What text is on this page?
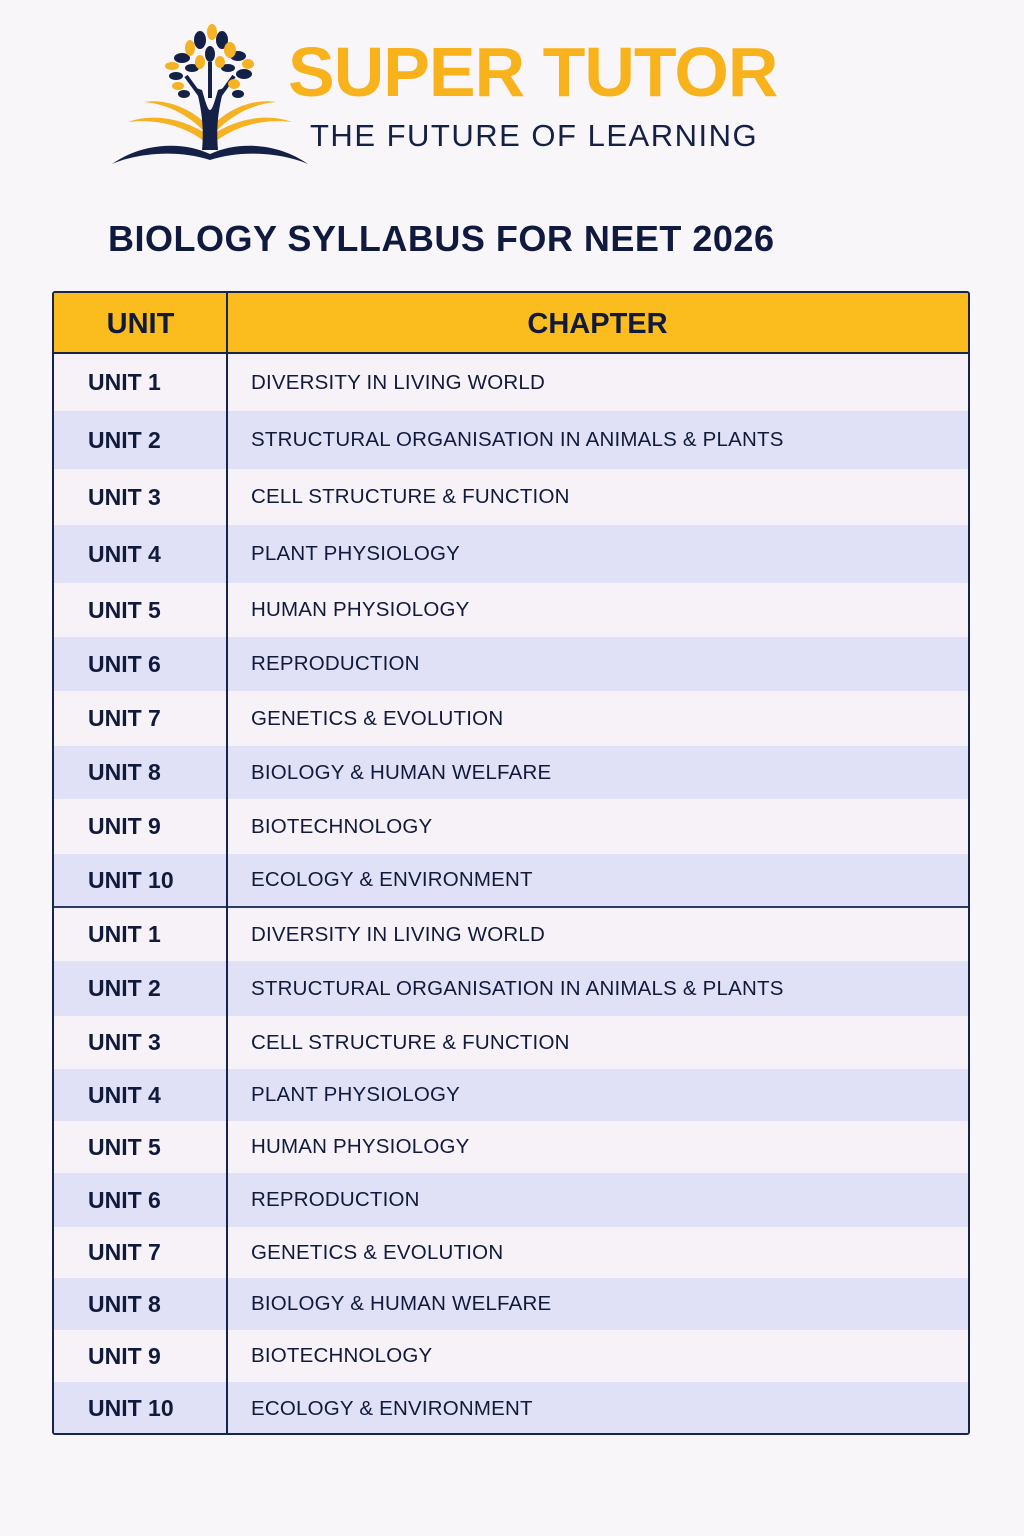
SUPER TUTOR
THE FUTURE OF LEARNING
BIOLOGY SYLLABUS FOR NEET 2026
UNIT	CHAPTER
UNIT 1	DIVERSITY IN LIVING WORLD
UNIT 2	STRUCTURAL ORGANISATION IN ANIMALS & PLANTS
UNIT 3	CELL STRUCTURE & FUNCTION
UNIT 4	PLANT PHYSIOLOGY
UNIT 5	HUMAN PHYSIOLOGY
UNIT 6	REPRODUCTION
UNIT 7	GENETICS & EVOLUTION
UNIT 8	BIOLOGY & HUMAN WELFARE
UNIT 9	BIOTECHNOLOGY
UNIT 10	ECOLOGY & ENVIRONMENT
UNIT 1	DIVERSITY IN LIVING WORLD
UNIT 2	STRUCTURAL ORGANISATION IN ANIMALS & PLANTS
UNIT 3	CELL STRUCTURE & FUNCTION
UNIT 4	PLANT PHYSIOLOGY
UNIT 5	HUMAN PHYSIOLOGY
UNIT 6	REPRODUCTION
UNIT 7	GENETICS & EVOLUTION
UNIT 8	BIOLOGY & HUMAN WELFARE
UNIT 9	BIOTECHNOLOGY
UNIT 10	ECOLOGY & ENVIRONMENT
